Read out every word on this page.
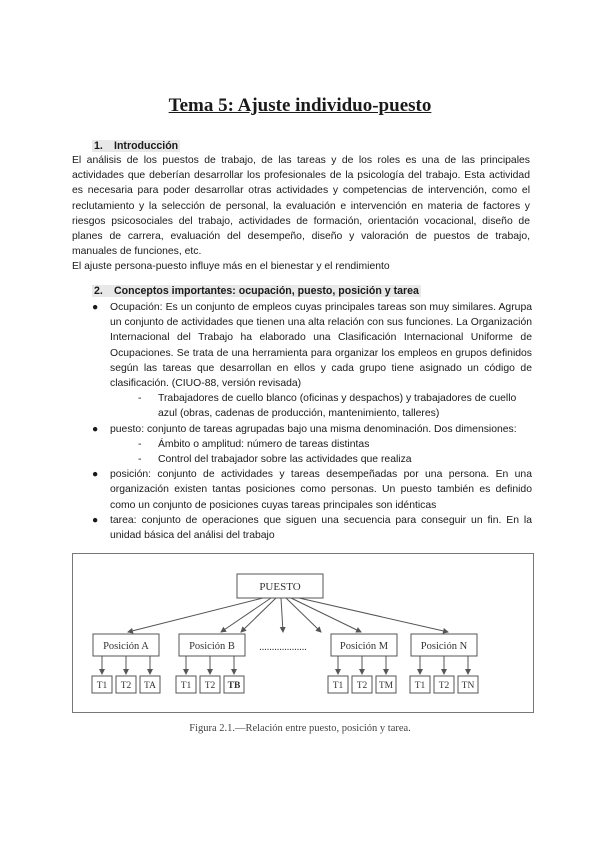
Tema 5: Ajuste individuo-puesto
1. Introducción

El análisis de los puestos de trabajo, de las tareas y de los roles es una de las principales actividades que deberían desarrollar los profesionales de la psicología del trabajo. Esta actividad es necesaria para poder desarrollar otras actividades y competencias de intervención, como el reclutamiento y la selección de personal, la evaluación e intervención en materia de factores y riesgos psicosociales del trabajo, actividades de formación, orientación vocacional, diseño de planes de carrera, evaluación del desempeño, diseño y valoración de puestos de trabajo, manuales de funciones, etc.

El ajuste persona-puesto influye más en el bienestar y el rendimiento

2. Conceptos importantes: ocupación, puesto, posición y tarea
● Ocupación: Es un conjunto de empleos cuyas principales tareas son muy similares. Agrupa un conjunto de actividades que tienen una alta relación con sus funciones. La Organización Internacional del Trabajo ha elaborado una Clasificación Internacional Uniforme de Ocupaciones. Se trata de una herramienta para organizar los empleos en grupos definidos según las tareas que desarrollan en ellos y cada grupo tiene asignado un código de clasificación. (CIUO-88, versión revisada)
- Trabajadores de cuello blanco (oficinas y despachos) y trabajadores de cuello azul (obras, cadenas de producción, mantenimiento, talleres)
● puesto: conjunto de tareas agrupadas bajo una misma denominación. Dos dimensiones:
- Ámbito o amplitud: número de tareas distintas
- Control del trabajador sobre las actividades que realiza
● posición: conjunto de actividades y tareas desempeñadas por una persona. En una organización existen tantas posiciones como personas. Un puesto también es definido como un conjunto de posiciones cuyas tareas principales son idénticas
● tarea: conjunto de operaciones que siguen una secuencia para conseguir un fin. En la unidad básica del análisi del trabajo
PUESTO
Posición A	Posición B ...................	Posición M	Posición N
T1 T2 TA	T1 T2 TB	T1 T2 TM T1 T2 TN
Figura 2.1.—Relación entre puesto, posición y tarea.
